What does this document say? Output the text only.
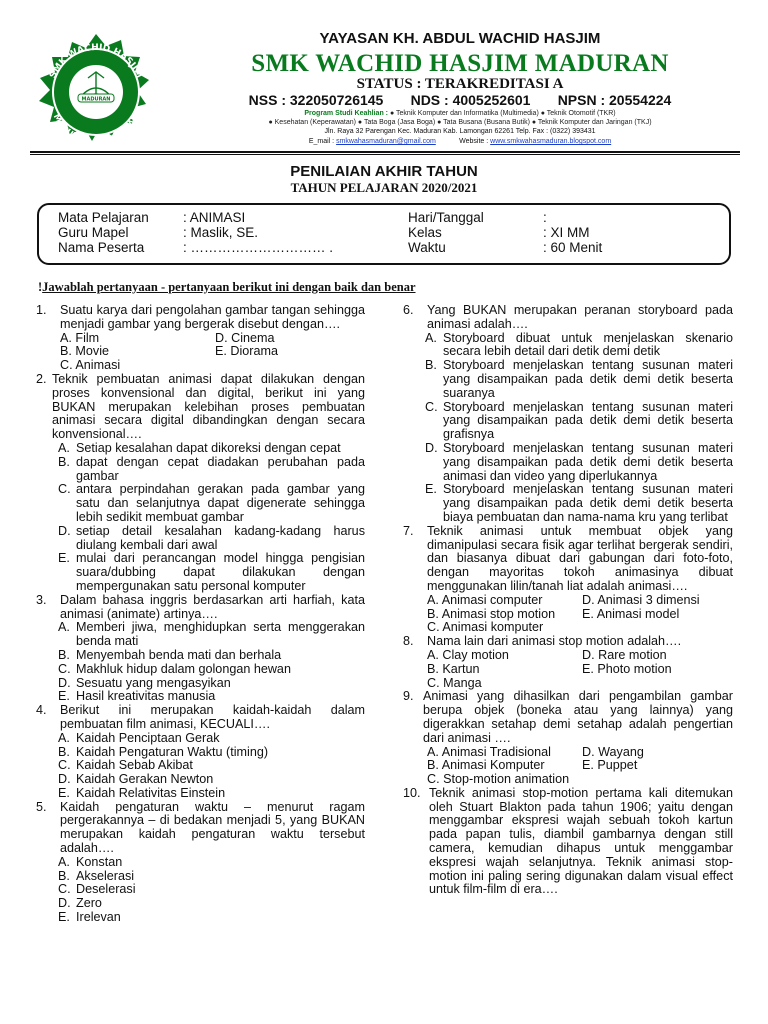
SMK WACHID HASJIM
MADURAN - LAMONGAN
MADURAN
YAYASAN KH. ABDUL WACHID HASJIM
SMK WACHID HASJIM MADURAN
STATUS : TERAKREDITASI A
NSS : 322050726145 NDS : 4005252601 NPSN : 20554224
Program Studi Keahlian : ● Teknik Komputer dan Informatika (Multimedia) ● Teknik Otomotif (TKR)
● Kesehatan (Keperawatan) ● Tata Boga (Jasa Boga) ● Tata Busana (Busana Butik) ● Teknik Komputer dan Jaringan (TKJ)
Jln. Raya 32 Parengan Kec. Maduran Kab. Lamongan 62261 Telp. Fax : (0322) 393431
E_mail : smkwahasmaduran@gmail.com	Website : www.smkwahasmaduran.blogspot.com
PENILAIAN AKHIR TAHUN
TAHUN PELAJARAN 2020/2021
Mata Pelajaran	: ANIMASI
Guru Mapel	: Maslik, SE.
Nama Peserta	: ………………………… .
Hari/Tanggal	:
Kelas	: XI MM
Waktu	: 60 Menit
!Jawablah pertanyaan - pertanyaan berikut ini dengan baik dan benar
1.	Suatu karya dari pengolahan gambar tangan sehingga menjadi gambar yang bergerak disebut dengan….
A. Film	D. Cinema
B. Movie	E. Diorama
C. Animasi
2. Teknik pembuatan animasi dapat dilakukan dengan proses konvensional dan digital, berikut ini yang BUKAN merupakan kelebihan proses pembuatan animasi secara digital dibandingkan dengan secara konvensional….
A. Setiap kesalahan dapat dikoreksi dengan cepat
B. dapat dengan cepat diadakan perubahan pada gambar
C. antara perpindahan gerakan pada gambar yang satu dan selanjutnya dapat digenerate sehingga lebih sedikit membuat gambar
D. setiap detail kesalahan kadang-kadang harus diulang kembali dari awal
E. mulai dari perancangan model hingga pengisian suara/dubbing dapat dilakukan dengan mempergunakan satu personal komputer
3.	Dalam bahasa inggris berdasarkan arti harfiah, kata animasi (animate) artinya….
A. Memberi jiwa, menghidupkan serta menggerakan benda mati
B. Menyembah benda mati dan berhala
C. Makhluk hidup dalam golongan hewan
D. Sesuatu yang mengasyikan
E. Hasil kreativitas manusia
4.	Berikut ini merupakan kaidah-kaidah dalam pembuatan film animasi, KECUALI….
A. Kaidah Penciptaan Gerak
B. Kaidah Pengaturan Waktu (timing)
C. Kaidah Sebab Akibat
D. Kaidah Gerakan Newton
E. Kaidah Relativitas Einstein
5.	Kaidah pengaturan waktu – menurut ragam pergerakannya – di bedakan menjadi 5, yang BUKAN merupakan kaidah pengaturan waktu tersebut adalah….
A. Konstan
B. Akselerasi
C. Deselerasi
D. Zero
E. Irelevan
6.	Yang BUKAN merupakan peranan storyboard pada animasi adalah….
A. Storyboard dibuat untuk menjelaskan skenario secara lebih detail dari detik demi detik
B. Storyboard menjelaskan tentang susunan materi yang disampaikan pada detik demi detik beserta suaranya
C. Storyboard menjelaskan tentang susunan materi yang disampaikan pada detik demi detik beserta grafisnya
D. Storyboard menjelaskan tentang susunan materi yang disampaikan pada detik demi detik beserta animasi dan video yang diperlukannya
E. Storyboard menjelaskan tentang susunan materi yang disampaikan pada detik demi detik beserta biaya pembuatan dan nama-nama kru yang terlibat
7.	Teknik animasi untuk membuat objek yang dimanipulasi secara fisik agar terlihat bergerak sendiri, dan biasanya dibuat dari gabungan dari foto-foto, dengan mayoritas tokoh animasinya dibuat menggunakan lilin/tanah liat adalah animasi….
A. Animasi computer	D. Animasi 3 dimensi
B. Animasi stop motion	E. Animasi model
C. Animasi komputer
8.	Nama lain dari animasi stop motion adalah….
A. Clay motion	D. Rare motion
B. Kartun	E. Photo motion
C. Manga
9. Animasi yang dihasilkan dari pengambilan gambar berupa objek (boneka atau yang lainnya) yang digerakkan setahap demi setahap adalah pengertian dari animasi ….
A. Animasi Tradisional	D. Wayang
B. Animasi Komputer	E. Puppet
C. Stop-motion animation
10. Teknik animasi stop-motion pertama kali ditemukan oleh Stuart Blakton pada tahun 1906; yaitu dengan menggambar ekspresi wajah sebuah tokoh kartun pada papan tulis, diambil gambarnya dengan still camera, kemudian dihapus untuk menggambar ekspresi wajah selanjutnya. Teknik animasi stop-motion ini paling sering digunakan dalam visual effect untuk film-film di era….
